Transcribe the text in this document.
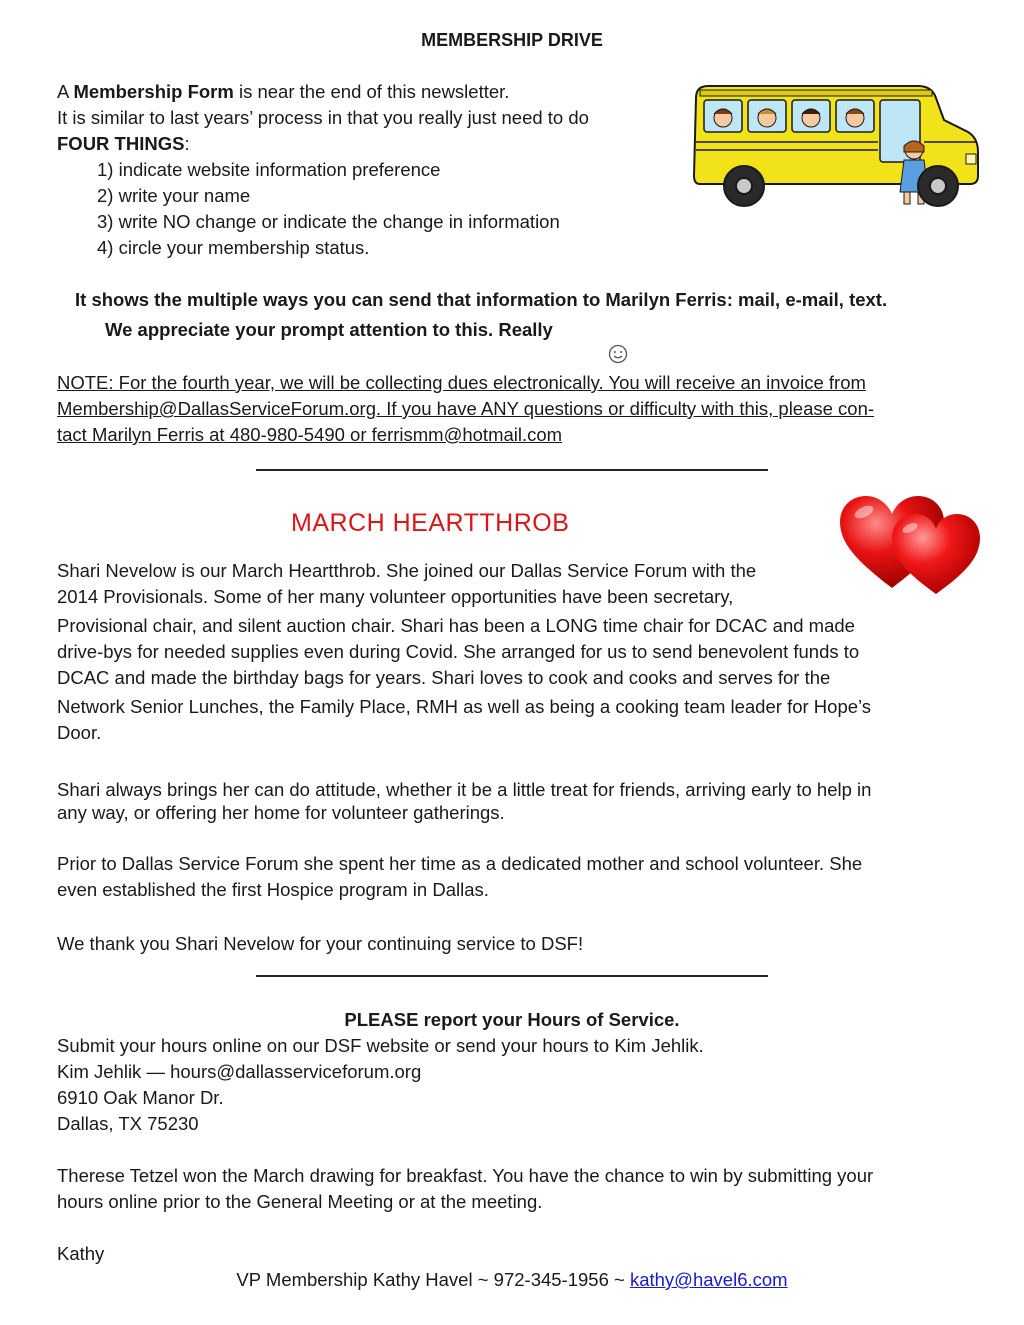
MEMBERSHIP DRIVE
A Membership Form is near the end of this newsletter.
It is similar to last years’ process in that you really just need to do
FOUR THINGS:
1) indicate website information preference
2) write your name
3) write NO change or indicate the change in information
4) circle your membership status.
It shows the multiple ways you can send that information to Marilyn Ferris: mail, e-mail, text.
We appreciate your prompt attention to this. Really
NOTE: For the fourth year, we will be collecting dues electronically. You will receive an invoice from
Membership@DallasServiceForum.org. If you have ANY questions or difficulty with this, please con-
tact Marilyn Ferris at 480-980-5490 or ferrismm@hotmail.com
MARCH HEARTTHROB
Shari Nevelow is our March Heartthrob. She joined our Dallas Service Forum with the
2014 Provisionals. Some of her many volunteer opportunities have been secretary,
Provisional chair, and silent auction chair. Shari has been a LONG time chair for DCAC and made
drive-bys for needed supplies even during Covid. She arranged for us to send benevolent funds to
DCAC and made the birthday bags for years. Shari loves to cook and cooks and serves for the
Network Senior Lunches, the Family Place, RMH as well as being a cooking team leader for Hope’s
Door.
Shari always brings her can do attitude, whether it be a little treat for friends, arriving early to help in
any way, or offering her home for volunteer gatherings.
Prior to Dallas Service Forum she spent her time as a dedicated mother and school volunteer. She
even established the first Hospice program in Dallas.
We thank you Shari Nevelow for your continuing service to DSF!
PLEASE report your Hours of Service.
Submit your hours online on our DSF website or send your hours to Kim Jehlik.
Kim Jehlik — hours@dallasserviceforum.org
6910 Oak Manor Dr.
Dallas, TX 75230
Therese Tetzel won the March drawing for breakfast. You have the chance to win by submitting your
hours online prior to the General Meeting or at the meeting.
Kathy
VP Membership Kathy Havel ~ 972-345-1956 ~ kathy@havel6.com
